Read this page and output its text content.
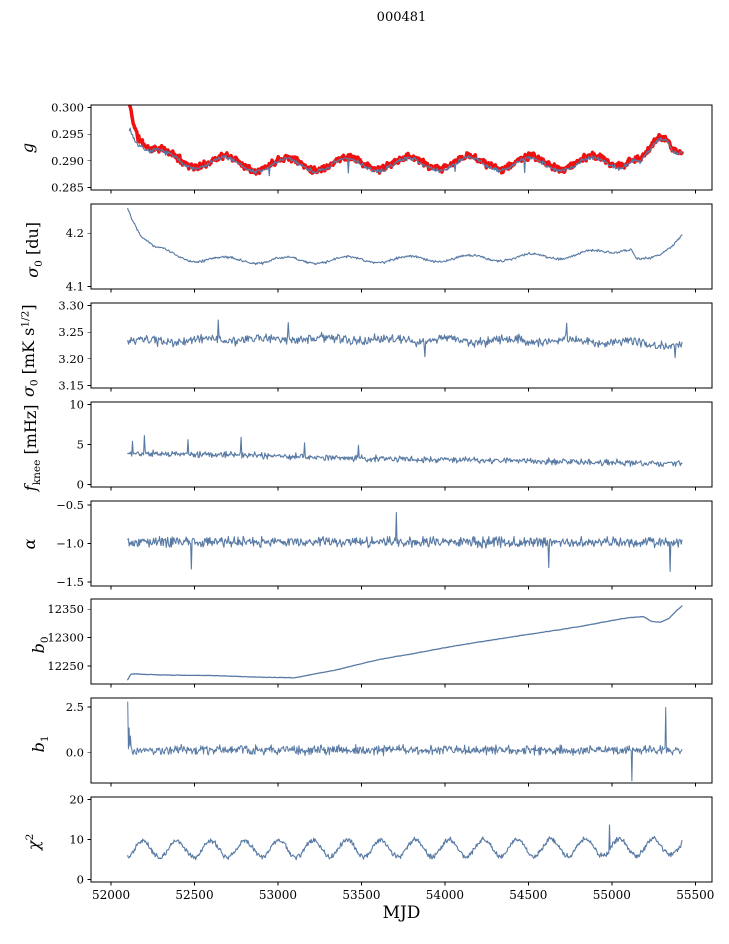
000481
0.285
0.290
0.295
0.300
4.1
4.2
3.15
3.20
3.25
3.30
0
5
10
−1.5
−1.0
−0.5
12250
12300
12350
0.0
2.5
0
10
20
52000	52500	53000	53500	54000	54500	55000	55500
MJD
g
$\sigma_0$ [du]
$\sigma_0$ [mK $s^{1/2}$]
$f_{knee}$ [mHz]
α
$b_0$
$b_1$
$\chi^2$
